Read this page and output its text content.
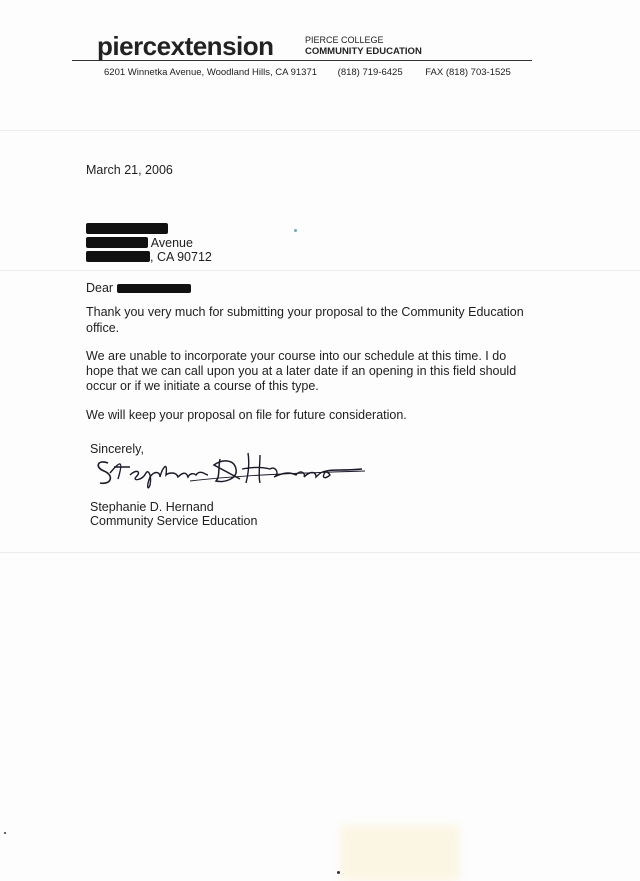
piercextension	PIERCE COLLEGE
COMMUNITY EDUCATION
6201 Winnetka Avenue, Woodland Hills, CA 91371 (818) 719-6425 FAX (818) 703-1525
March 21, 2006
Avenue
, CA 90712
Dear
Thank you very much for submitting your proposal to the Community Education
office.
We are unable to incorporate your course into our schedule at this time. I do
hope that we can call upon you at a later date if an opening in this field should
occur or if we initiate a course of this type.
We will keep your proposal on file for future consideration.
Sincerely,
Stephanie D. Hernand
Community Service Education
